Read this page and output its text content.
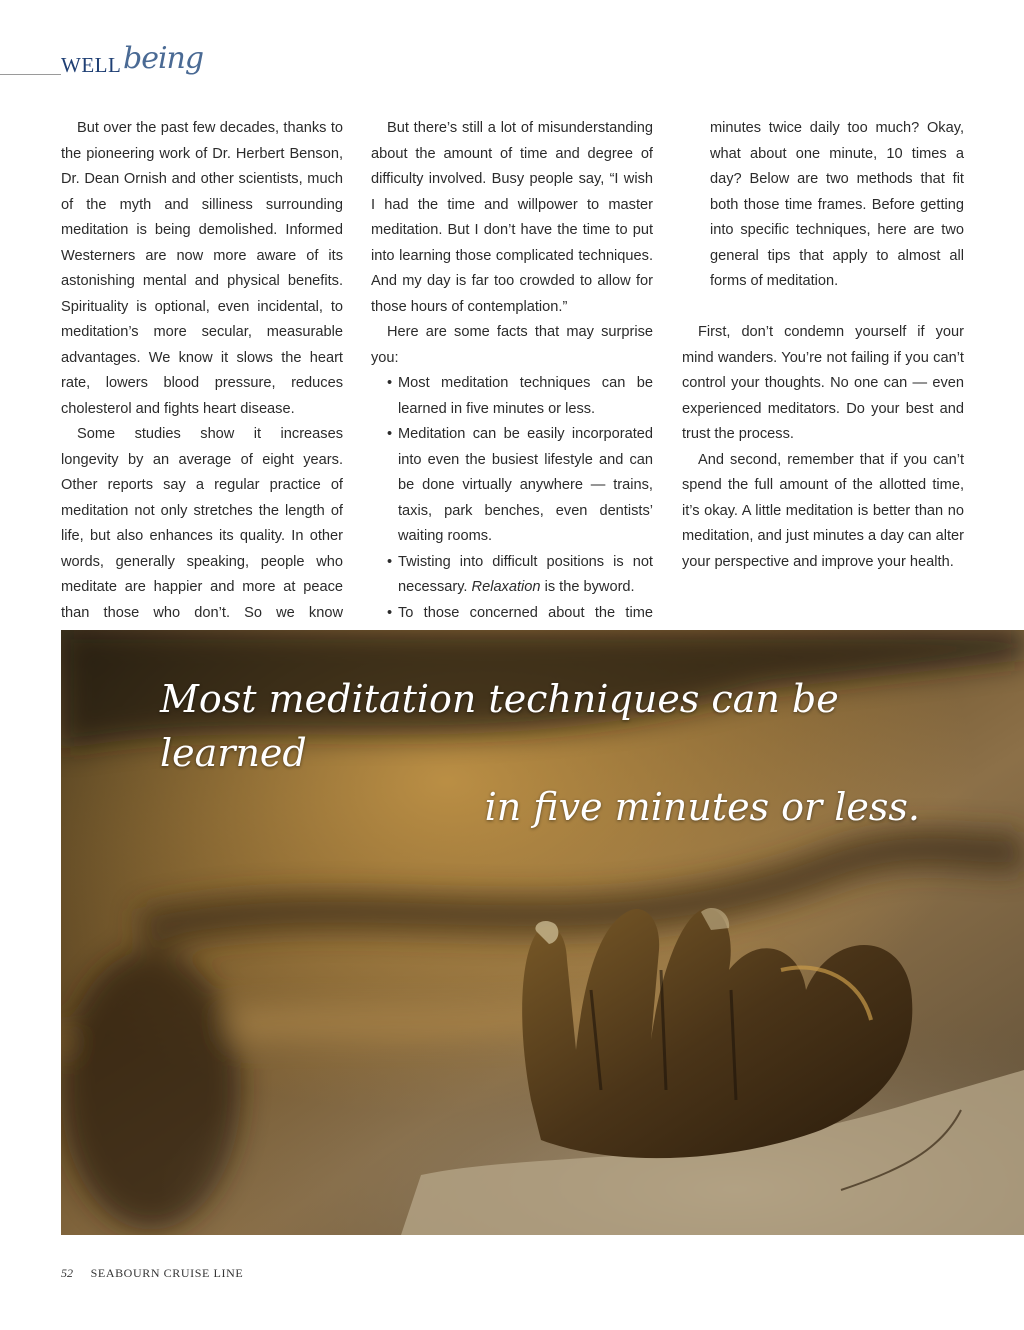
WELL being

But over the past few decades, thanks to the pioneering work of Dr. Herbert Benson, Dr. Dean Ornish and other scientists, much of the myth and silliness surrounding meditation is being demolished. Informed Westerners are now more aware of its astonishing mental and physical benefits. Spirituality is optional, even incidental, to meditation’s more secular, measurable advantages. We know it slows the heart rate, lowers blood pressure, reduces cholesterol and fights heart disease.

Some studies show it increases longevity by an average of eight years. Other reports say a regular practice of meditation not only stretches the length of life, but also enhances its quality. In other words, generally speaking, people who meditate are happier and more at peace than those who don’t. So we know

But there’s still a lot of misunderstanding about the amount of time and degree of difficulty involved. Busy people say, “I wish I had the time and willpower to master meditation. But I don’t have the time to put into learning those complicated techniques. And my day is far too crowded to allow for those hours of contemplation.”

Here are some facts that may surprise you:

• Most meditation techniques can be learned in five minutes or less.
• Meditation can be easily incorporated into even the busiest lifestyle and can be done virtually anywhere — trains, taxis, park benches, even dentists’ waiting rooms.
• Twisting into difficult positions is not necessary. Relaxation is the byword.
• To those concerned about the time

minutes twice daily too much? Okay, what about one minute, 10 times a day? Below are two methods that fit both those time frames. Before getting into specific techniques, here are two general tips that apply to almost all forms of meditation.

First, don’t condemn yourself if your mind wanders. You’re not failing if you can’t control your thoughts. No one can — even experienced meditators. Do your best and trust the process.

And second, remember that if you can’t spend the full amount of the allotted time, it’s okay. A little meditation is better than no meditation, and just minutes a day can alter your perspective and improve your health.

Most meditation techniques can be learned
in five minutes or less.
52 SEABOURN CRUISE LINE
